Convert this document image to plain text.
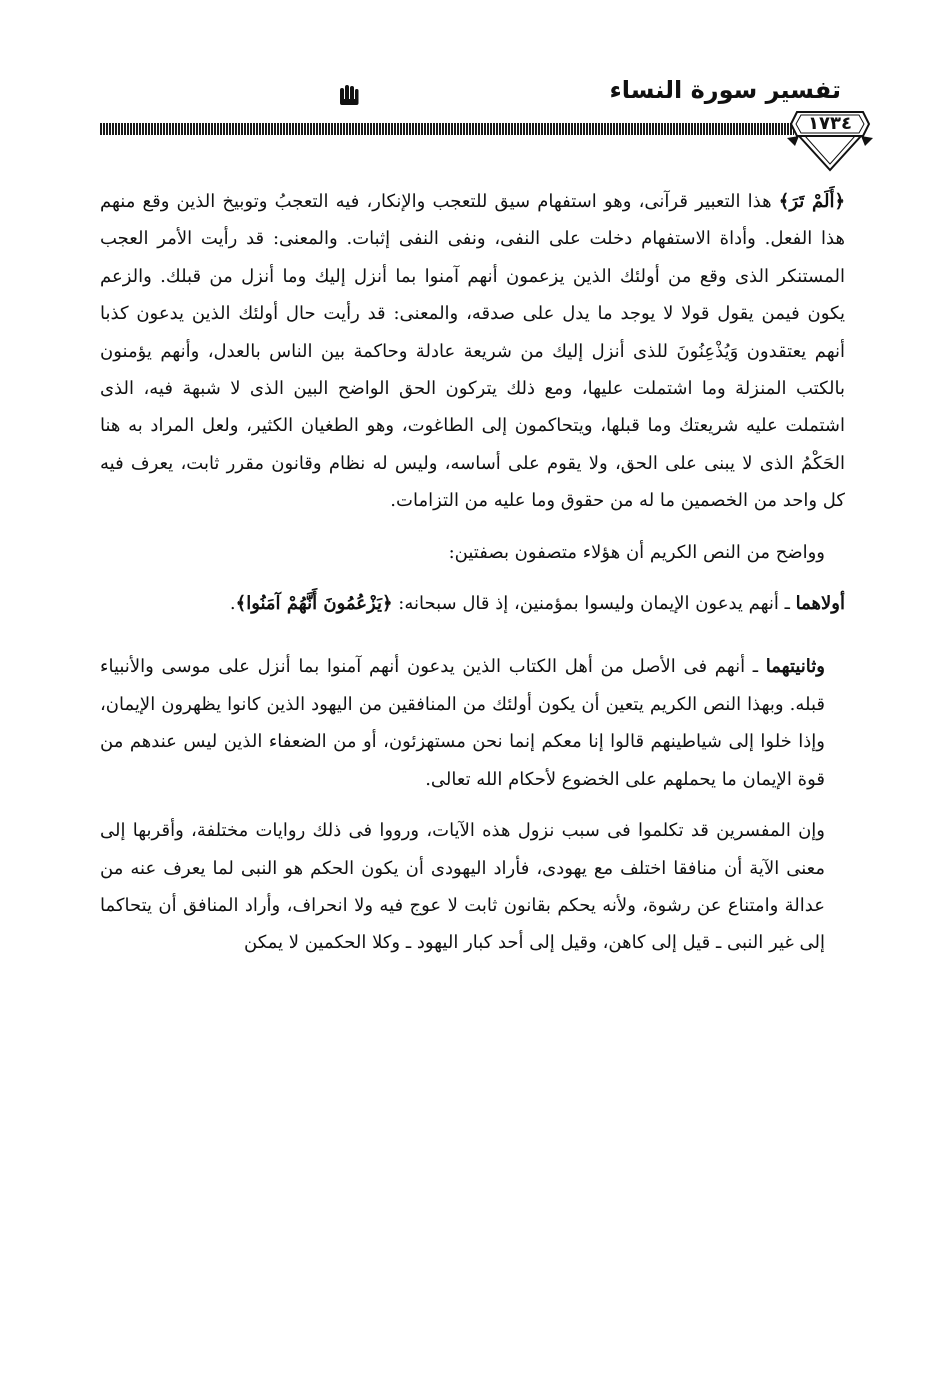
تفسير سورة النساء
١٧٣٤

﴿أَلَمْ تَرَ﴾ هذا التعبير قرآنى، وهو استفهام سيق للتعجب والإنكار، فيه التعجبُ وتوبيخ الذين وقع منهم هذا الفعل. وأداة الاستفهام دخلت على النفى، ونفى النفى إثبات. والمعنى: قد رأيت الأمر العجب المستنكر الذى وقع من أولئك الذين يزعمون أنهم آمنوا بما أنزل إليك وما أنزل من قبلك. والزعم يكون فيمن يقول قولا لا يوجد ما يدل على صدقه، والمعنى: قد رأيت حال أولئك الذين يدعون كذبا أنهم يعتقدون وَيُذْعِنُونَ للذى أنزل إليك من شريعة عادلة وحاكمة بين الناس بالعدل، وأنهم يؤمنون بالكتب المنزلة وما اشتملت عليها، ومع ذلك يتركون الحق الواضح البين الذى لا شبهة فيه، الذى اشتملت عليه شريعتك وما قبلها، ويتحاكمون إلى الطاغوت، وهو الطغيان الكثير، ولعل المراد به هنا الحَكْمُ الذى لا يبنى على الحق، ولا يقوم على أساسه، وليس له نظام وقانون مقرر ثابت، يعرف فيه كل واحد من الخصمين ما له من حقوق وما عليه من التزامات.

وواضح من النص الكريم أن هؤلاء متصفون بصفتين:

أولاهما ـ أنهم يدعون الإيمان وليسوا بمؤمنين، إذ قال سبحانه: ﴿يَزْعُمُونَ أَنَّهُمْ آمَنُوا﴾.

وثانيتهما ـ أنهم فى الأصل من أهل الكتاب الذين يدعون أنهم آمنوا بما أنزل على موسى والأنبياء قبله. وبهذا النص الكريم يتعين أن يكون أولئك من المنافقين من اليهود الذين كانوا يظهرون الإيمان، وإذا خلوا إلى شياطينهم قالوا إنا معكم إنما نحن مستهزئون، أو من الضعفاء الذين ليس عندهم من قوة الإيمان ما يحملهم على الخضوع لأحكام الله تعالى.

وإن المفسرين قد تكلموا فى سبب نزول هذه الآيات، ورووا فى ذلك روايات مختلفة، وأقربها إلى معنى الآية أن منافقا اختلف مع يهودى، فأراد اليهودى أن يكون الحكم هو النبى لما يعرف عنه من عدالة وامتناع عن رشوة، ولأنه يحكم بقانون ثابت لا عوج فيه ولا انحراف، وأراد المنافق أن يتحاكما إلى غير النبى ـ قيل إلى كاهن، وقيل إلى أحد كبار اليهود ـ وكلا الحكمين لا يمكن
